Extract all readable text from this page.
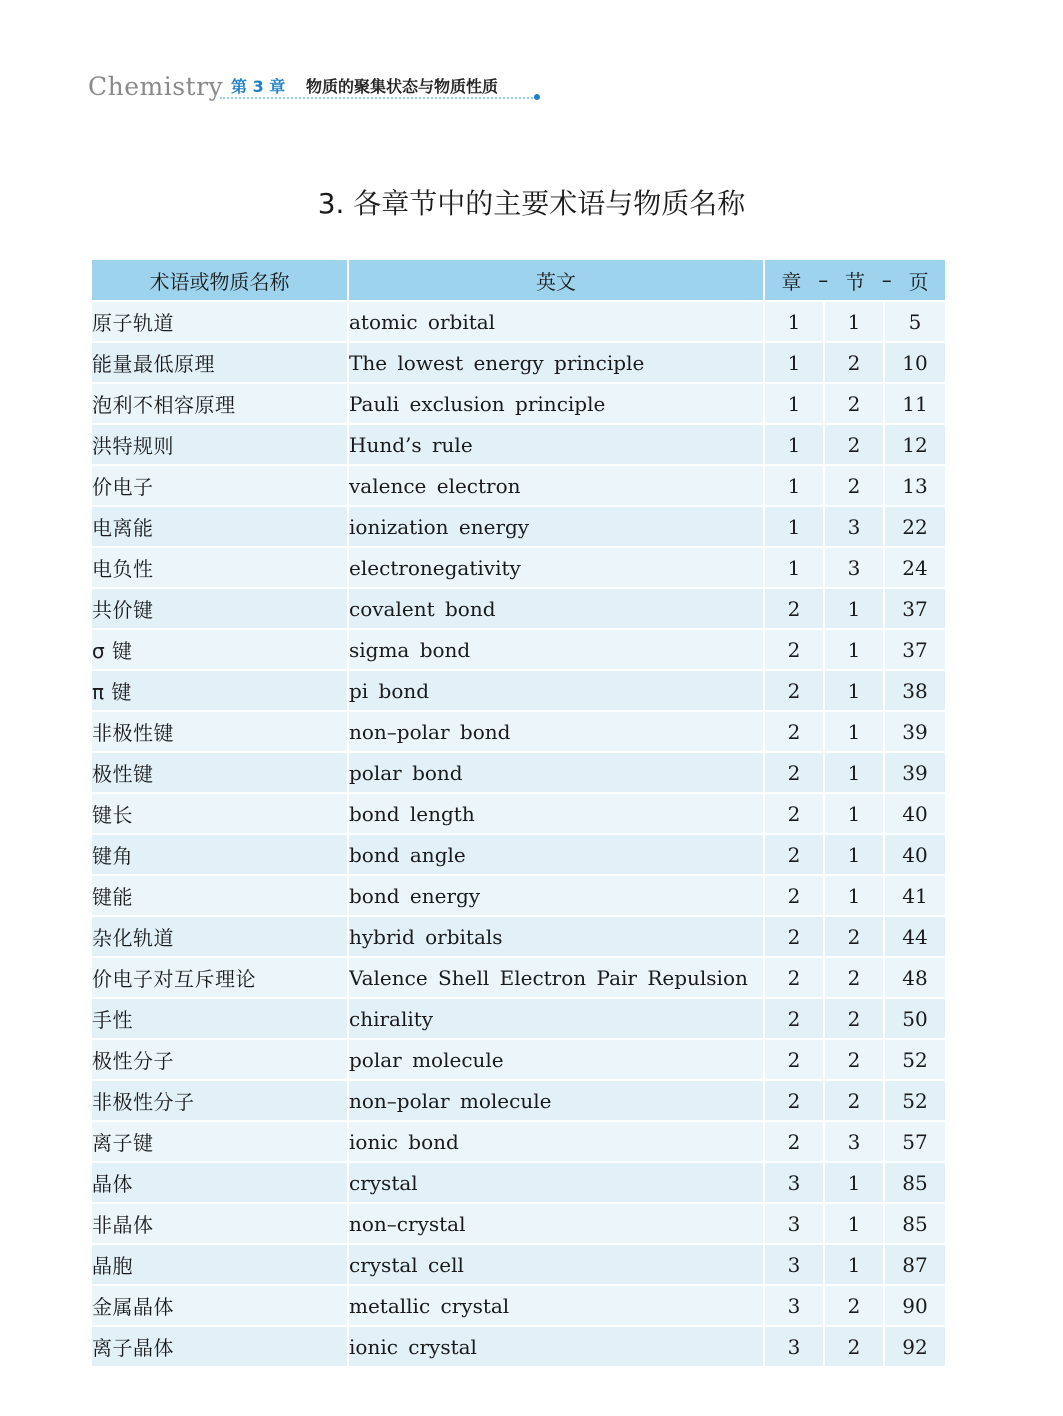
Chemistry 第 3 章 物质的聚集状态与物质性质
3. 各章节中的主要术语与物质名称
术语或物质名称	英文	章 – 节 – 页		

原子轨道	atomic orbital	1	1	5
能量最低原理	The lowest energy principle	1	2	10
泡利不相容原理	Pauli exclusion principle	1	2	11
洪特规则	Hund’s rule	1	2	12
价电子	valence electron	1	2	13
电离能	ionization energy	1	3	22
电负性	electronegativity	1	3	24
共价键	covalent bond	2	1	37
σ 键	sigma bond	2	1	37
π 键	pi bond	2	1	38
非极性键	non–polar bond	2	1	39
极性键	polar bond	2	1	39
键长	bond length	2	1	40
键角	bond angle	2	1	40
键能	bond energy	2	1	41
杂化轨道	hybrid orbitals	2	2	44
价电子对互斥理论	Valence Shell Electron Pair Repulsion	2	2	48
手性	chirality	2	2	50
极性分子	polar molecule	2	2	52
非极性分子	non–polar molecule	2	2	52
离子键	ionic bond	2	3	57
晶体	crystal	3	1	85
非晶体	non–crystal	3	1	85
晶胞	crystal cell	3	1	87
金属晶体	metallic crystal	3	2	90
离子晶体	ionic crystal	3	2	92
